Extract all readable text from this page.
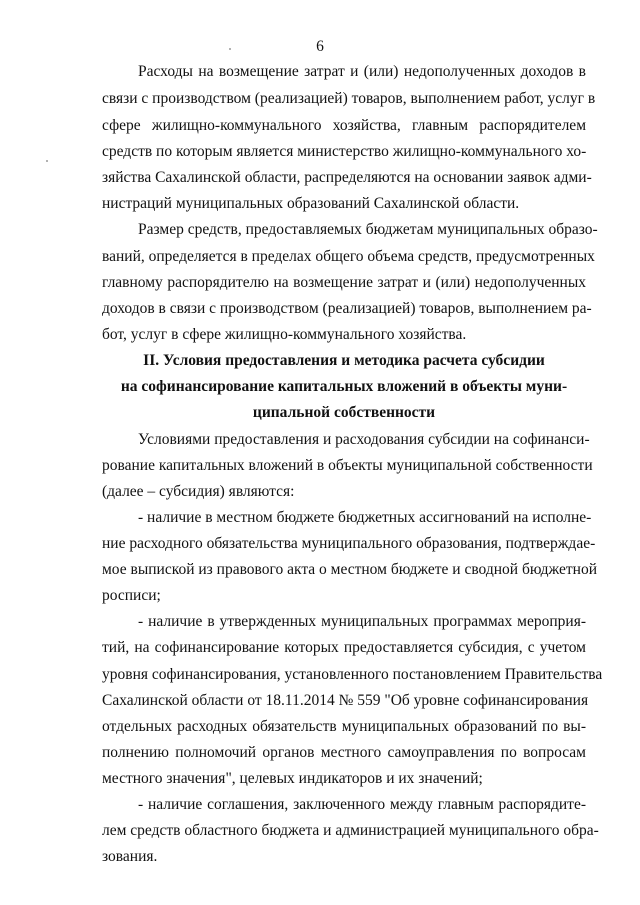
6
Расходы на возмещение затрат и (или) недополученных доходов в
связи с производством (реализацией) товаров, выполнением работ, услуг в
сфере жилищно-коммунального хозяйства, главным распорядителем
средств по которым является министерство жилищно-коммунального хо-
зяйства Сахалинской области, распределяются на основании заявок адми-
нистраций муниципальных образований Сахалинской области.
Размер средств, предоставляемых бюджетам муниципальных образо-
ваний, определяется в пределах общего объема средств, предусмотренных
главному распорядителю на возмещение затрат и (или) недополученных
доходов в связи с производством (реализацией) товаров, выполнением ра-
бот, услуг в сфере жилищно-коммунального хозяйства.
II. Условия предоставления и методика расчета субсидии
на софинансирование капитальных вложений в объекты муни-
ципальной собственности
Условиями предоставления и расходования субсидии на софинанси-
рование капитальных вложений в объекты муниципальной собственности
(далее – субсидия) являются:
- наличие в местном бюджете бюджетных ассигнований на исполне-
ние расходного обязательства муниципального образования, подтверждае-
мое выпиской из правового акта о местном бюджете и сводной бюджетной
росписи;
- наличие в утвержденных муниципальных программах мероприя-
тий, на софинансирование которых предоставляется субсидия, с учетом
уровня софинансирования, установленного постановлением Правительства
Сахалинской области от 18.11.2014 № 559 "Об уровне софинансирования
отдельных расходных обязательств муниципальных образований по вы-
полнению полномочий органов местного самоуправления по вопросам
местного значения", целевых индикаторов и их значений;
- наличие соглашения, заключенного между главным распорядите-
лем средств областного бюджета и администрацией муниципального обра-
зования.
